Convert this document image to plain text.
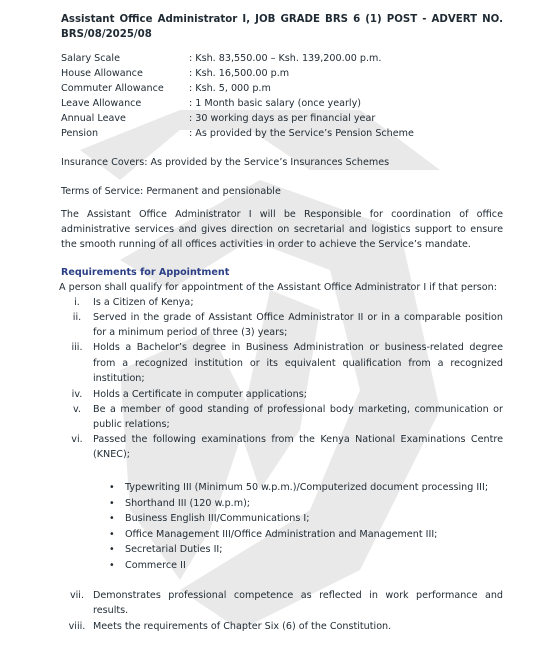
Assistant Office Administrator I, JOB GRADE BRS 6 (1) POST - ADVERT NO.

BRS/08/2025/08

Salary Scale	: Ksh. 83,550.00 – Ksh. 139,200.00 p.m.
House Allowance	: Ksh. 16,500.00 p.m
Commuter Allowance	: Ksh. 5, 000 p.m
Leave Allowance	: 1 Month basic salary (once yearly)
Annual Leave	: 30 working days as per financial year
Pension	: As provided by the Service’s Pension Scheme

Insurance Covers: As provided by the Service’s Insurances Schemes

Terms of Service: Permanent and pensionable

The Assistant Office Administrator I will be Responsible for coordination of office administrative services and gives direction on secretarial and logistics support to ensure the smooth running of all offices activities in order to achieve the Service’s mandate.

Requirements for Appointment

A person shall qualify for appointment of the Assistant Office Administrator I if that person:

i.	Is a Citizen of Kenya;
ii.	Served in the grade of Assistant Office Administrator II or in a comparable position for a minimum period of three (3) years;
iii.	Holds a Bachelor’s degree in Business Administration or business-related degree from a recognized institution or its equivalent qualification from a recognized institution;
iv.	Holds a Certificate in computer applications;
v.	Be a member of good standing of professional body marketing, communication or public relations;
vi.	Passed the following examinations from the Kenya National Examinations Centre (KNEC);
•	Typewriting III (Minimum 50 w.p.m.)/Computerized document processing III;
•	Shorthand III (120 w.p.m);
•	Business English III/Communications I;
•	Office Management III/Office Administration and Management III;
•	Secretarial Duties II;
•	Commerce II
vii. Demonstrates professional competence as reflected in work performance and results.
viii. Meets the requirements of Chapter Six (6) of the Constitution.
